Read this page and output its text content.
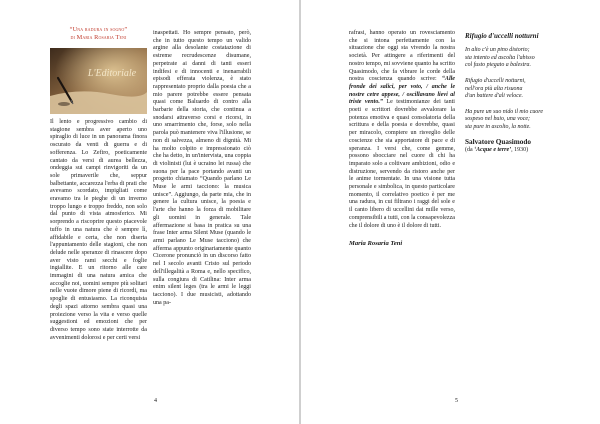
“Una radura in sogno”
di Maria Rosaria Teni
L'Editoriale

Il lento e progressivo cambio di stagione sembra aver aperto uno spiraglio di luce in un panorama finora oscurato da venti di guerra e di sofferenza. Lo Zefiro, poeticamente cantato da versi di aurea bellezza, ondeggia sui campi rinvigoriti da un sole primaverile che, seppur balbettante, accarezza l'erba di prati che avevamo scordato, impigliati come eravamo tra le pieghe di un inverno troppo lungo e troppo freddo, non solo dal punto di vista atmosferico. Mi sorprendo a riscoprire questo piacevole tuffo in una natura che è sempre lì, affidabile e certa, che non diserta l'appuntamento delle stagioni, che non delude nelle speranze di rinascere dopo aver visto rami secchi e foglie ingiallite. E un ritorno alle care immagini di una natura amica che accoglie noi, uomini sempre più solitari nelle vuote dimore piene di ricordi, ma spoglie di entusiasmo. La riconquista degli spazi attorno sembra quasi una proiezione verso la vita e verso quelle suggestioni ed emozioni che per diverso tempo sono state interrotte da avvenimenti dolorosi e per certi versi

inaspettati. Ho sempre pensato, però, che in tutto questo tempo un valido argine alla desolante costatazione di estreme recrudescenze disumane, perpetrate ai danni di tanti esseri indifesi e di innocenti e inenarrabili episodi efferata violenza, è stato rappresentato proprio dalla poesia che a mio parere potrebbe essere pensata quasi come Baluardo di contro alla barbarie della storia, che continua a snodarsi attraverso corsi e ricorsi, in uno smarrimento che, forse, solo nella parola può mantenere viva l'illusione, se non di salvezza, almeno di dignità. Mi ha molto colpito e impressionato ciò che ha detto, in un'intervista, una coppia di violinisti (lui è ucraino lei russa) che suona per la pace portando avanti un progetto chiamato “Quando parlano Le Muse le armi tacciono: la musica unisce”. Aggiungo, da parte mia, che in genere la cultura unisce, la poesia e l'arte che hanno la forza di mobilitare gli uomini in generale. Tale affermazione si basa in pratica su una frase Inter arma Silent Muse (quando le armi parlano Le Muse tacciono) che afferma appunto originariamente quanto Cicerone pronunciò in un discorso fatto nel I secolo avanti Cristo sul periodo dell'illegalità a Roma e, nello specifico, sulla congiura di Catilina: Inter arma enim silent leges (tra le armi le leggi tacciono). I due musicisti, adottando una pa-

4

rafrasi, hanno operato un rovesciamento che si intona perfettamente con la situazione che oggi sta vivendo la nostra società. Per attingere a riferimenti del nostro tempo, mi sovviene quanto ha scritto Quasimodo, che fa vibrare le corde della nostra coscienza quando scrive: “Alle fronde dei salici, per voto, / anche le nostre cetre appese, / oscillavano lievi al triste vento.” Le testimonianze dei tanti poeti e scrittori dovrebbe avvalorare la potenza emotiva e quasi consolatoria della scrittura e della poesia e dovrebbe, quasi per miracolo, compiere un risveglio delle coscienze che sia apportatore di pace e di speranza. I versi che, come gemme, possono sbocciare nel cuore di chi ha imparato solo a coltivare ambizioni, odio e distruzione, servendo da ristoro anche per le anime tormentate. In una visione tutta personale e simbolica, in questo particolare momento, il correlativo poetico è per me una radura, in cui filtrano i raggi del sole e il canto libero di uccellini dai mille verso, comprensibili a tutti, con la consapevolezza che il dolore di uno è il dolore di tutti.

Maria Rosaria Teni
Rifugio d'uccelli notturni

In alto c'è un pino distorto;
sta intento ed ascolta l'abisso
col fusto piegato a balestra.

Rifugio d'uccelli notturni,
nell'ora più alta risuona
d'un battere d'ali veloce.

Ha pure un suo nido il mio cuore
sospeso nel buio, una voce;
sta pure in ascolto, la notte.

Salvatore Quasimodo
(da ‘Acque e terre’, 1930)
5
